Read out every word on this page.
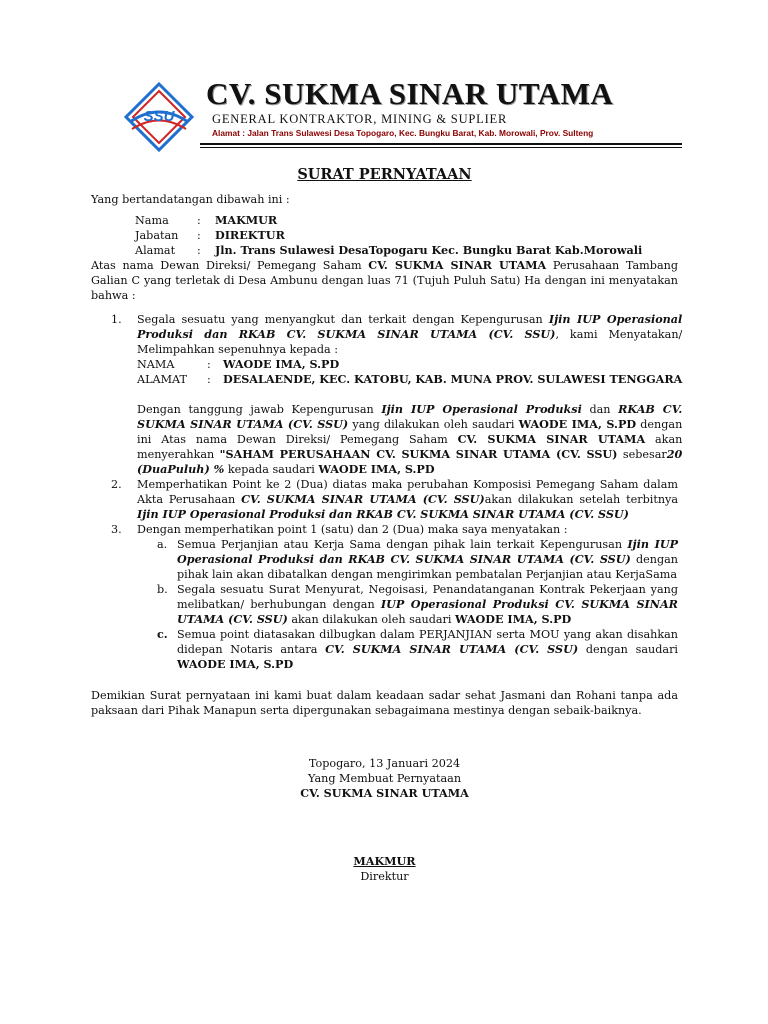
SSU
CV. SUKMA SINAR UTAMA
GENERAL KONTRAKTOR, MINING & SUPLIER
Alamat : Jalan Trans Sulawesi Desa Topogaro, Kec. Bungku Barat, Kab. Morowali, Prov. Sulteng

SURAT PERNYATAAN

Yang bertandatangan dibawah ini :

Nama	:	MAKMUR
Jabatan	:	DIREKTUR
Alamat	:	Jln. Trans Sulawesi DesaTopogaru Kec. Bungku Barat Kab.Morowali

Atas nama Dewan Direksi/ Pemegang Saham CV. SUKMA SINAR UTAMA Perusahaan Tambang Galian C yang terletak di Desa Ambunu dengan luas 71 (Tujuh Puluh Satu) Ha dengan ini menyatakan bahwa :

1.	Segala sesuatu yang menyangkut dan terkait dengan Kepengurusan Ijin IUP Operasional Produksi dan RKAB CV. SUKMA SINAR UTAMA (CV. SSU), kami Menyatakan/ Melimpahkan sepenuhnya kepada :

NAMA	:	WAODE IMA, S.PD
ALAMAT	:	DESALAENDE, KEC. KATOBU, KAB. MUNA PROV. SULAWESI TENGGARA

Dengan tanggung jawab Kepengurusan Ijin IUP Operasional Produksi dan RKAB CV. SUKMA SINAR UTAMA (CV. SSU) yang dilakukan oleh saudari WAODE IMA, S.PD dengan ini Atas nama Dewan Direksi/ Pemegang Saham CV. SUKMA SINAR UTAMA akan menyerahkan "SAHAM PERUSAHAAN CV. SUKMA SINAR UTAMA (CV. SSU) sebesar20 (DuaPuluh) % kepada saudari WAODE IMA, S.PD

2.	Memperhatikan Point ke 2 (Dua) diatas maka perubahan Komposisi Pemegang Saham dalam Akta Perusahaan CV. SUKMA SINAR UTAMA (CV. SSU)akan dilakukan setelah terbitnya Ijin IUP Operasional Produksi dan RKAB CV. SUKMA SINAR UTAMA (CV. SSU)

3.	Dengan memperhatikan point 1 (satu) dan 2 (Dua) maka saya menyatakan :

a. Semua Perjanjian atau Kerja Sama dengan pihak lain terkait Kepengurusan Ijin IUP Operasional Produksi dan RKAB CV. SUKMA SINAR UTAMA (CV. SSU) dengan pihak lain akan dibatalkan dengan mengirimkan pembatalan Perjanjian atau KerjaSama

b. Segala sesuatu Surat Menyurat, Negoisasi, Penandatanganan Kontrak Pekerjaan yang melibatkan/ berhubungan dengan IUP Operasional Produksi CV. SUKMA SINAR UTAMA (CV. SSU) akan dilakukan oleh saudari WAODE IMA, S.PD

c. Semua point diatasakan dilbugkan dalam PERJANJIAN serta MOU yang akan disahkan didepan Notaris antara CV. SUKMA SINAR UTAMA (CV. SSU) dengan saudari WAODE IMA, S.PD

Demikian Surat pernyataan ini kami buat dalam keadaan sadar sehat Jasmani dan Rohani tanpa ada paksaan dari Pihak Manapun serta dipergunakan sebagaimana mestinya dengan sebaik-baiknya.

Topogaro, 13 Januari 2024

Yang Membuat Pernyataan

CV. SUKMA SINAR UTAMA

MAKMUR

Direktur
